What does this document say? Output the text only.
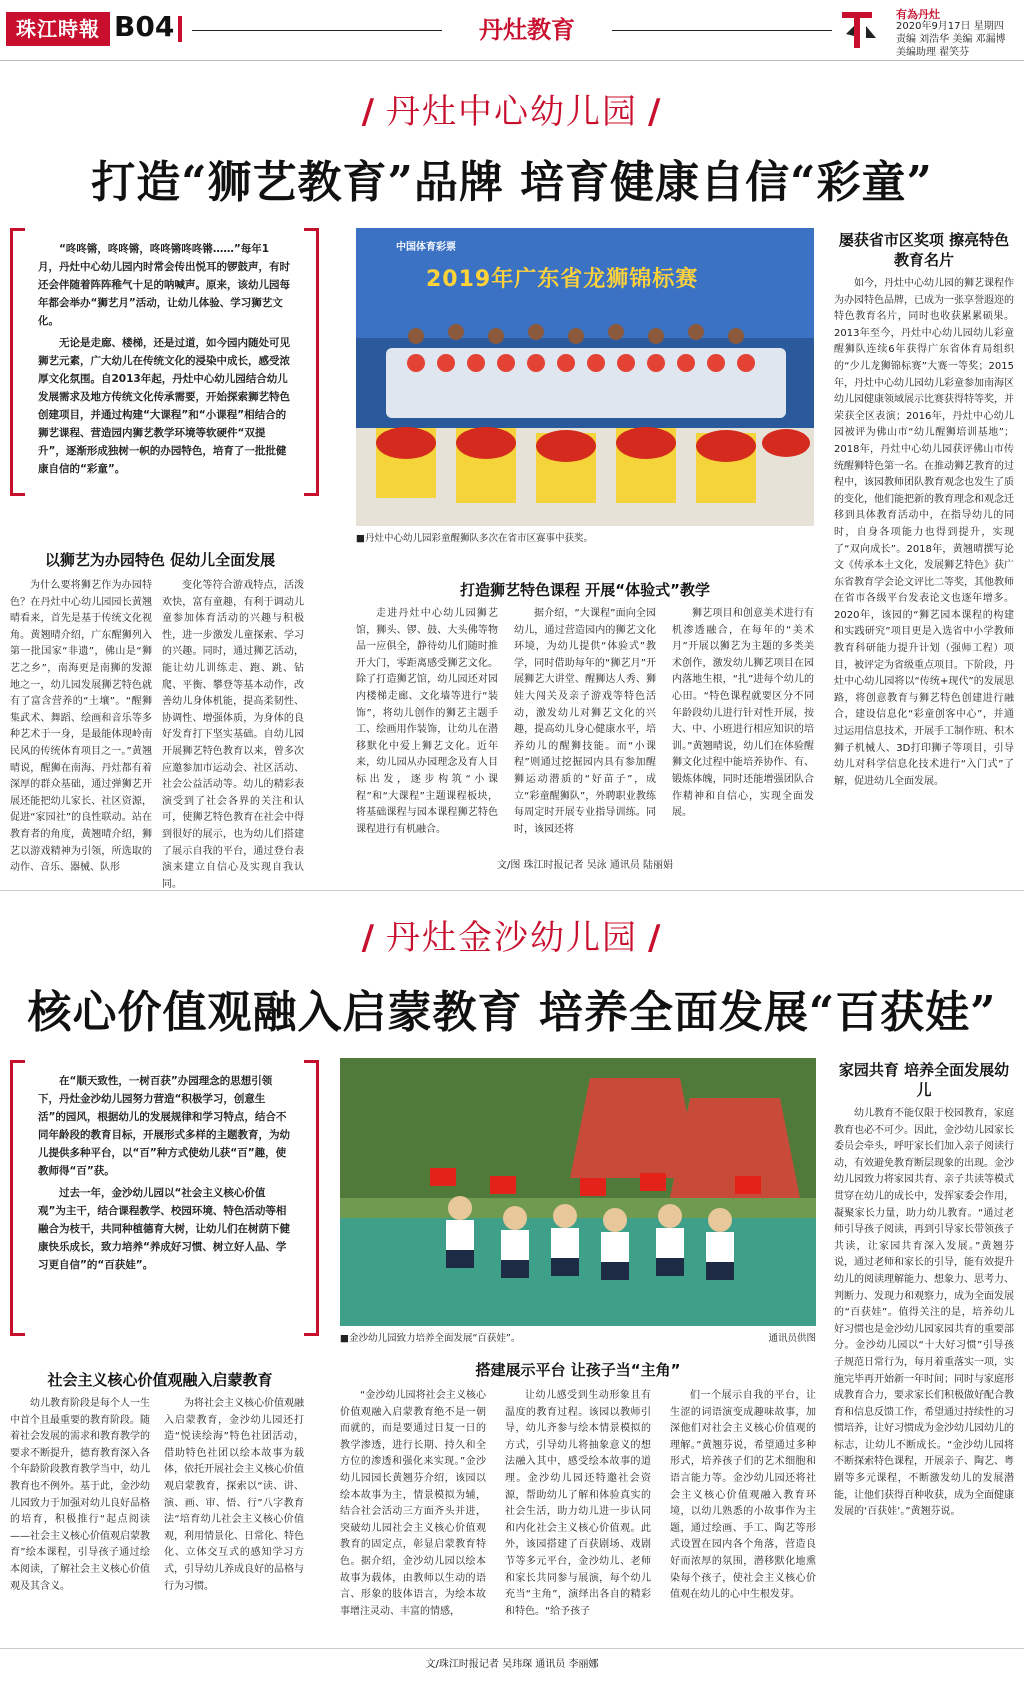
珠江時報 B04	丹灶教育
有為丹灶
2020年9月17日 星期四
责编 刘浩华 美编 邓漏博
美编助理 翟笑芬
/ 丹灶中心幼儿园 /
打造“狮艺教育”品牌 培育健康自信“彩童”

“咚咚锵，咚咚锵，咚咚锵咚咚锵……”每年1月，丹灶中心幼儿园内时常会传出悦耳的锣鼓声，有时还会伴随着阵阵稚气十足的呐喊声。原来，该幼儿园每年都会举办“狮艺月”活动，让幼儿体验、学习狮艺文化。

无论是走廊、楼梯，还是过道，如今园内随处可见狮艺元素，广大幼儿在传统文化的浸染中成长，感受浓厚文化氛围。自2013年起，丹灶中心幼儿园结合幼儿发展需求及地方传统文化传承需要，开始探索狮艺特色创建项目，并通过构建“大课程”和“小课程”相结合的狮艺课程、营造园内狮艺教学环境等软硬件“双提升”，逐渐形成独树一帜的办园特色，培育了一批批健康自信的“彩童”。

中国体育彩票
2019年广东省龙狮锦标赛
■丹灶中心幼儿园彩童醒狮队多次在省市区赛事中获奖。
以狮艺为办园特色 促幼儿全面发展

为什么要将狮艺作为办园特色？在丹灶中心幼儿园园长黄翘晴看来，首先是基于传统文化视角。黄翘晴介绍，广东醒狮列入第一批国家“非遗”，佛山是“狮艺之乡”，南海更是南狮的发源地之一，幼儿园发展狮艺特色就有了富含营养的“土壤”。“醒狮集武术、舞蹈、绘画和音乐等多种艺术于一身，是最能体现岭南民风的传统体育项目之一。”黄翘晴说，醒狮在南海、丹灶都有着深厚的群众基础，通过弹狮艺开展还能把幼儿家长、社区资源，促进“家园社”的良性联动。站在教育者的角度，黄翘晴介绍，狮艺以游戏精神为引领，所选取的动作、音乐、器械、队形

变化等符合游戏特点，活泼欢快，富有童趣，有利于调动儿童参加体育活动的兴趣与积极性，进一步激发儿童探索、学习的兴趣。同时，通过狮艺活动，能让幼儿训练走、跑、跳、钻爬、平衡、攀登等基本动作，改善幼儿身体机能，提高柔韧性、协调性、增强体质，为身体的良好发育打下坚实基础。自幼儿园开展狮艺特色教育以来，曾多次应邀参加市运动会、社区活动、社会公益活动等。幼儿的精彩表演受到了社会各界的关注和认可，使狮艺特色教育在社会中得到很好的展示，也为幼儿们搭建了展示自我的平台，通过登台表演来建立自信心及实现自我认同。

打造狮艺特色课程 开展“体验式”教学

走进丹灶中心幼儿园狮艺馆，狮头、锣、鼓、大头佛等物品一应俱全，静待幼儿们随时推开大门，零距离感受狮艺文化。除了打造狮艺馆，幼儿园还对园内楼梯走廊、文化墙等进行“装饰”，将幼儿创作的狮艺主题手工、绘画用作装饰，让幼儿在潜移默化中爱上狮艺文化。近年来，幼儿园从办园理念及育人目标出发，逐步构筑“小课程”和“大课程”主题课程板块，将基础课程与园本课程狮艺特色课程进行有机融合。

据介绍，“大课程”面向全园幼儿，通过营造园内的狮艺文化环境，为幼儿提供“体验式”教学，同时借助每年的“狮艺月”开展狮艺大讲堂、醒狮达人秀、狮娃大闯关及亲子游戏等特色活动，激发幼儿对狮艺文化的兴趣，提高幼儿身心健康水平，培养幼儿的醒狮技能。而“小课程”则通过挖掘园内具有参加醒狮运动潜质的“好苗子”，成立“彩童醒狮队”，外聘职业教练每周定时开展专业指导训练。同时，该园还将

狮艺项目和创意美术进行有机渗透融合，在每年的“美术月”开展以狮艺为主题的多类美术创作，激发幼儿狮艺项目在园内落地生根，“扎”进每个幼儿的心田。“特色课程就要区分不同年龄段幼儿进行针对性开展，按大、中、小班进行相应知识的培训。”黄翘晴说，幼儿们在体验醒狮文化过程中能培养协作、有、锻炼体魄，同时还能增强团队合作精神和自信心，实现全面发展。

文/图 珠江时报记者 吴泳 通讯员 陆丽娟
屡获省市区奖项 擦亮特色教育名片

如今，丹灶中心幼儿园的狮艺课程作为办园特色品牌，已成为一张享誉遐迩的特色教育名片，同时也收获累累硕果。2013年至今，丹灶中心幼儿园幼儿彩童醒狮队连续6年获得广东省体育局组织的“少儿龙狮锦标赛”大赛一等奖；2015年，丹灶中心幼儿园幼儿彩童参加南海区幼儿园健康领域展示比赛获得特等奖，并荣获全区表演；2016年，丹灶中心幼儿园被评为佛山市“幼儿醒狮培训基地”；2018年，丹灶中心幼儿园获评佛山市传统醒狮特色第一名。在推动狮艺教育的过程中，该园教师团队教育观念也发生了质的变化，他们能把新的教育理念和观念迁移到具体教育活动中，在指导幼儿的同时，自身各项能力也得到提升，实现了“双向成长”。2018年，黄翘晴撰写论文《传承本土文化，发展狮艺特色》获广东省教育学会论文评比二等奖，其他教师在省市各级平台发表论文也逐年增多。2020年，该园的“狮艺园本课程的构建和实践研究”项目更是入选省中小学教师教育科研能力提升计划（强师工程）项目，被评定为省级重点项目。下阶段，丹灶中心幼儿园将以“传统+现代”的发展思路，将创意教育与狮艺特色创建进行融合，建设信息化“彩童创客中心”，并通过运用信息技术，开展手工制作班、积木狮子机械人、3D打印狮子等项目，引导幼儿对科学信息化技术进行“入门式”了解，促进幼儿全面发展。

/ 丹灶金沙幼儿园 /
核心价值观融入启蒙教育 培养全面发展“百获娃”

在“顺天致性，一树百获”办园理念的思想引领下，丹灶金沙幼儿园努力营造“积极学习，创意生活”的园风，根据幼儿的发展规律和学习特点，结合不同年龄段的教育目标，开展形式多样的主题教育，为幼儿提供多种平台，以“百”种方式使幼儿获“百”趣，使教师得“百”获。

过去一年，金沙幼儿园以“社会主义核心价值观”为主干，结合课程教学、校园环境、特色活动等相融合为枝干，共同种植德育大树，让幼儿们在树荫下健康快乐成长，致力培养“养成好习惯、树立好人品、学习更自信”的“百获娃”。

■金沙幼儿园致力培养全面发展“百获娃”。	通讯员供图
社会主义核心价值观融入启蒙教育

幼儿教育阶段是每个人一生中首个且最重要的教育阶段。随着社会发展的需求和教育教学的要求不断提升，德育教育深入各个年龄阶段教育教学当中，幼儿教育也不例外。基于此，金沙幼儿园致力于加强对幼儿良好品格的培育，积极推行“起点阅读——社会主义核心价值观启蒙教育”绘本课程，引导孩子通过绘本阅读，了解社会主义核心价值观及其含义。

为将社会主义核心价值观融入启蒙教育，金沙幼儿园还打造“悦读绘海”特色社团活动，借助特色社团以绘本故事为载体，依托开展社会主义核心价值观启蒙教育，探索以“读、讲、演、画、审、悟、行”八字教育法“培育幼儿社会主义核心价值观，利用情景化、日常化、特色化、立体交互式的感知学习方式，引导幼儿养成良好的品格与行为习惯。

搭建展示平台 让孩子当“主角”

“金沙幼儿园将社会主义核心价值观融入启蒙教育绝不是一朝而就的，而是要通过日复一日的教学渗透，进行长期、持久和全方位的渗透和强化来实现。”金沙幼儿园园长黄翘芬介绍，该园以绘本故事为主，情景模拟为辅，结合社会活动三方面齐头并进，突破幼儿园社会主义核心价值观教育的固定点，彰显启蒙教育特色。据介绍，金沙幼儿园以绘本故事为载体，由教师以生动的语言、形象的肢体语言，为绘本故事增注灵动、丰富的情感，

让幼儿感受到生动形象且有温度的教育过程。该园以教师引导，幼儿齐参与绘本情景模拟的方式，引导幼儿将抽象意义的想法融入其中，感受绘本故事的道理。金沙幼儿园还特邀社会资源，帮助幼儿了解和体验真实的社会生活，助力幼儿进一步认同和内化社会主义核心价值观。此外，该园搭建了百获剧场、戏剧节等多元平台，金沙幼儿、老师和家长共同参与展演，每个幼儿充当“主角”，演绎出各自的精彩和特色。“给予孩子

们一个展示自我的平台，让生涩的词语演变成趣味故事，加深他们对社会主义核心价值观的理解。”黄翘芬说，希望通过多种形式，培养孩子们的艺术细胞和语言能力等。金沙幼儿园还将社会主义核心价值观融入教育环境，以幼儿熟悉的小故事作为主题，通过绘画、手工、陶艺等形式设置在园内各个角落，营造良好而浓厚的氛围，潜移默化地熏染每个孩子，使社会主义核心价值观在幼儿的心中生根发芽。

家园共育 培养全面发展幼儿

幼儿教育不能仅限于校园教育，家庭教育也必不可少。因此，金沙幼儿园家长委员会牵头，呼吁家长们加入亲子阅读行动，有效避免教育断层现象的出现。金沙幼儿园致力将家园共育、亲子共读等模式贯穿在幼儿的成长中，发挥家委会作用，凝聚家长力量，助力幼儿教育。“通过老师引导孩子阅读，再到引导家长带领孩子共读，让家园共育深入发展。”黄翘芬说，通过老师和家长的引导，能有效提升幼儿的阅读理解能力、想象力、思考力、判断力、发现力和观察力，成为全面发展的“百获娃”。值得关注的是，培养幼儿好习惯也是金沙幼儿园家园共育的重要部分。金沙幼儿园以“十大好习惯”引导孩子规范日常行为，每月着重落实一项，实施完毕再开始新一年时间；同时与家庭形成教育合力，要求家长们积极做好配合教育和信息反馈工作，希望通过持续性的习惯培养，让好习惯成为金沙幼儿园幼儿的标志，让幼儿不断成长。“金沙幼儿园将不断探索特色课程，开展亲子、陶艺、粤剧等多元课程，不断激发幼儿的发展潜能，让他们获得百种收获，成为全面健康发展的‘百获娃’。”黄翘芬说。

文/珠江时报记者 吴玮琛 通讯员 李丽娜
